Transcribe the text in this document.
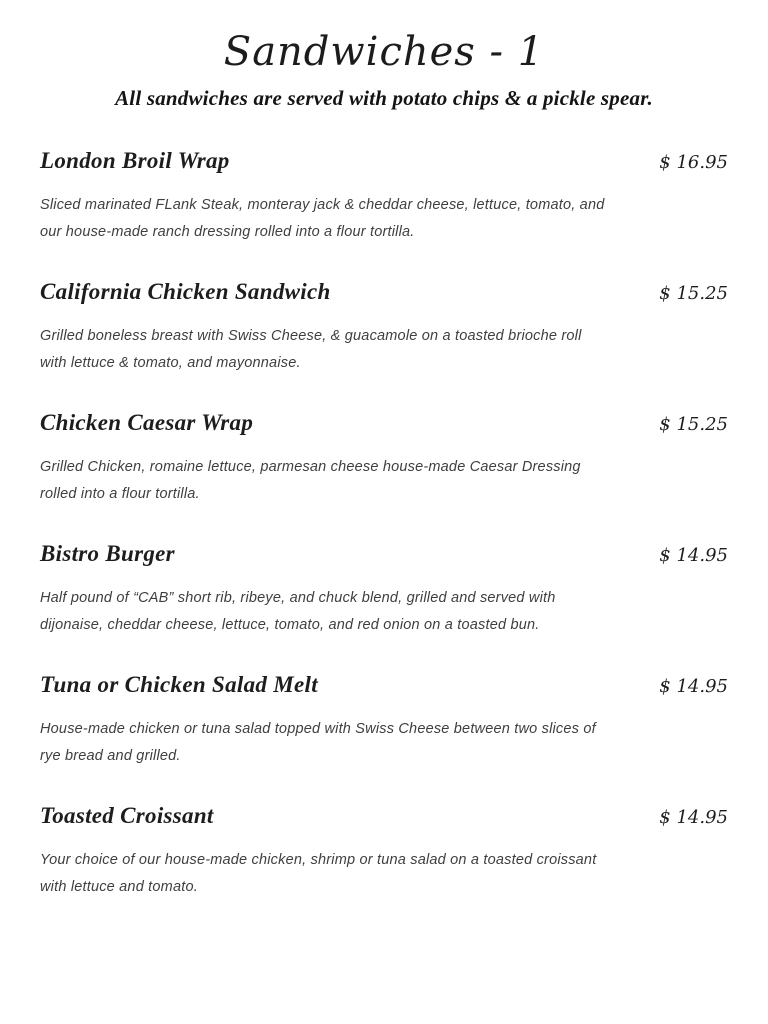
Sandwiches - 1

All sandwiches are served with potato chips & a pickle spear.

London Broil Wrap	$ 16.95

Sliced marinated FLank Steak, monteray jack & cheddar cheese, lettuce, tomato, and our house-made ranch dressing rolled into a flour tortilla.

California Chicken Sandwich	$ 15.25

Grilled boneless breast with Swiss Cheese, & guacamole on a toasted brioche roll with lettuce & tomato, and mayonnaise.

Chicken Caesar Wrap	$ 15.25

Grilled Chicken, romaine lettuce, parmesan cheese house-made Caesar Dressing rolled into a flour tortilla.

Bistro Burger	$ 14.95

Half pound of “CAB” short rib, ribeye, and chuck blend, grilled and served with dijonaise, cheddar cheese, lettuce, tomato, and red onion on a toasted bun.

Tuna or Chicken Salad Melt	$ 14.95

House-made chicken or tuna salad topped with Swiss Cheese between two slices of rye bread and grilled.

Toasted Croissant	$ 14.95

Your choice of our house-made chicken, shrimp or tuna salad on a toasted croissant with lettuce and tomato.
